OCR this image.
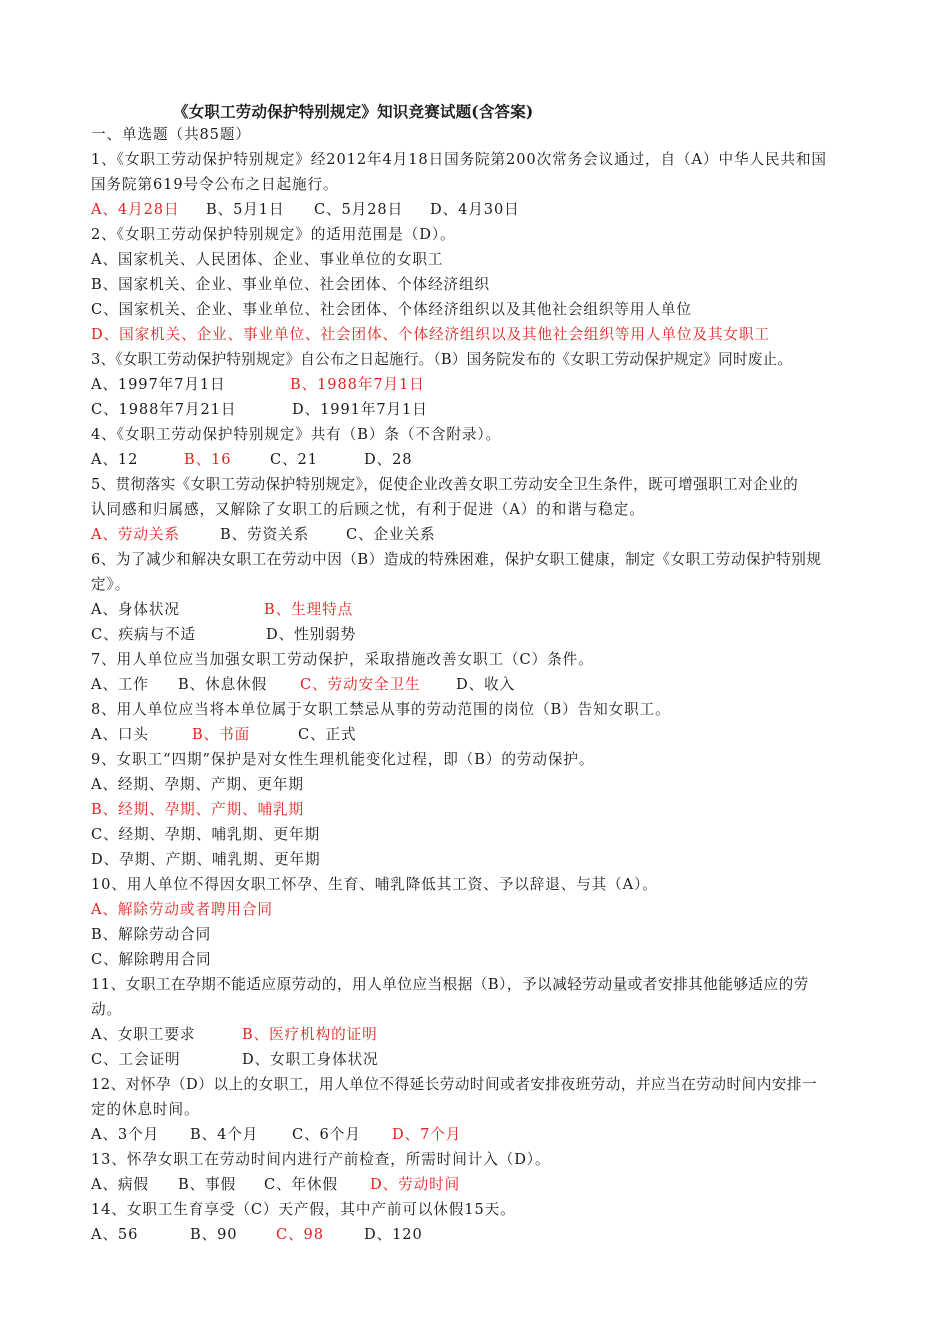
《女职工劳动保护特别规定》知识竞赛试题(含答案)
一、单选题（共85题）
1、《女职工劳动保护特别规定》经2012年4月18日国务院第200次常务会议通过，自（A）中华人民共和国
国务院第619号令公布之日起施行。
A、4月28日 B、5月1日 C、5月28日 D、4月30日
2、《女职工劳动保护特别规定》的适用范围是（D）。
A、国家机关、人民团体、企业、事业单位的女职工
B、国家机关、企业、事业单位、社会团体、个体经济组织
C、国家机关、企业、事业单位、社会团体、个体经济组织以及其他社会组织等用人单位
D、国家机关、企业、事业单位、社会团体、个体经济组织以及其他社会组织等用人单位及其女职工
3、《女职工劳动保护特别规定》自公布之日起施行。（B）国务院发布的《女职工劳动保护规定》同时废止。
A、1997年7月1日	B、1988年7月1日
C、1988年7月21日	D、1991年7月1日
4、《女职工劳动保护特别规定》共有（B）条（不含附录）。
A、12	B、16	C、21	D、28
5、贯彻落实《女职工劳动保护特别规定》，促使企业改善女职工劳动安全卫生条件，既可增强职工对企业的
认同感和归属感，又解除了女职工的后顾之忧，有利于促进（A）的和谐与稳定。
A、劳动关系	B、劳资关系	C、企业关系
6、为了减少和解决女职工在劳动中因（B）造成的特殊困难，保护女职工健康，制定《女职工劳动保护特别规
定》。
A、身体状况	B、生理特点
C、疾病与不适	D、性别弱势
7、用人单位应当加强女职工劳动保护，采取措施改善女职工（C）条件。
A、工作 B、休息休假 C、劳动安全卫生 D、收入
8、用人单位应当将本单位属于女职工禁忌从事的劳动范围的岗位（B）告知女职工。
A、口头	B、书面	C、正式
9、女职工“四期”保护是对女性生理机能变化过程，即（B）的劳动保护。
A、经期、孕期、产期、更年期
B、经期、孕期、产期、哺乳期
C、经期、孕期、哺乳期、更年期
D、孕期、产期、哺乳期、更年期
10、用人单位不得因女职工怀孕、生育、哺乳降低其工资、予以辞退、与其（A）。
A、解除劳动或者聘用合同
B、解除劳动合同
C、解除聘用合同
11、女职工在孕期不能适应原劳动的，用人单位应当根据（B），予以减轻劳动量或者安排其他能够适应的劳
动。
A、女职工要求	B、医疗机构的证明
C、工会证明	D、女职工身体状况
12、对怀孕（D）以上的女职工，用人单位不得延长劳动时间或者安排夜班劳动，并应当在劳动时间内安排一
定的休息时间。
A、3个月 B、4个月 C、6个月 D、7个月
13、怀孕女职工在劳动时间内进行产前检查，所需时间计入（D）。
A、病假 B、事假 C、年休假 D、劳动时间
14、女职工生育享受（C）天产假，其中产前可以休假15天。
A、56	B、90	C、98	D、120
